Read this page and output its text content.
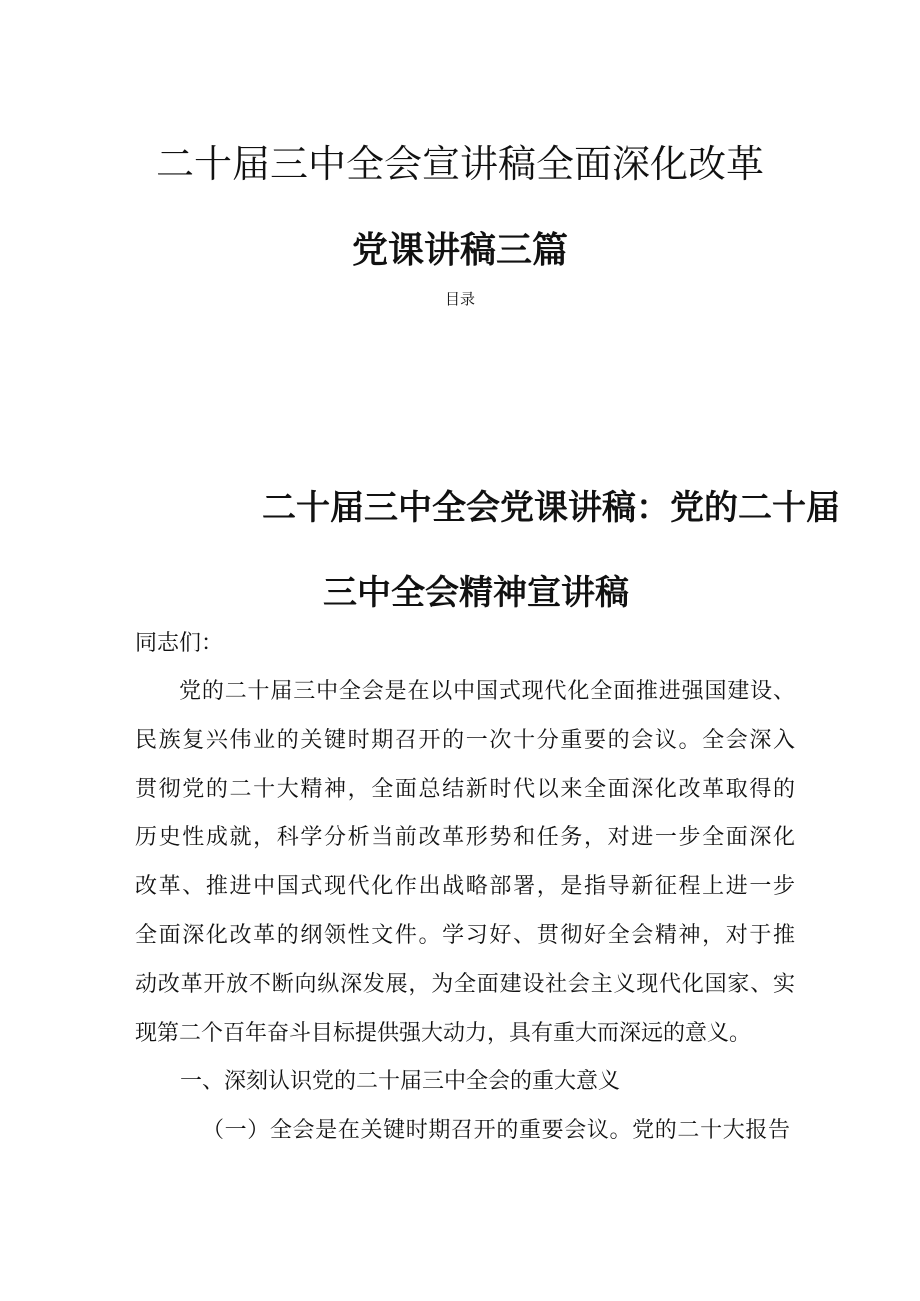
二十届三中全会宣讲稿全面深化改革
党课讲稿三篇
目录
二十届三中全会党课讲稿：党的二十届
三中全会精神宣讲稿

同志们：

党的二十届三中全会是在以中国式现代化全面推进强国建设、
民族复兴伟业的关键时期召开的一次十分重要的会议。全会深入
贯彻党的二十大精神，全面总结新时代以来全面深化改革取得的
历史性成就，科学分析当前改革形势和任务，对进一步全面深化
改革、推进中国式现代化作出战略部署，是指导新征程上进一步
全面深化改革的纲领性文件。学习好、贯彻好全会精神，对于推
动改革开放不断向纵深发展，为全面建设社会主义现代化国家、实
现第二个百年奋斗目标提供强大动力，具有重大而深远的意义。

一、深刻认识党的二十届三中全会的重大意义

（一）全会是在关键时期召开的重要会议。党的二十大报告
